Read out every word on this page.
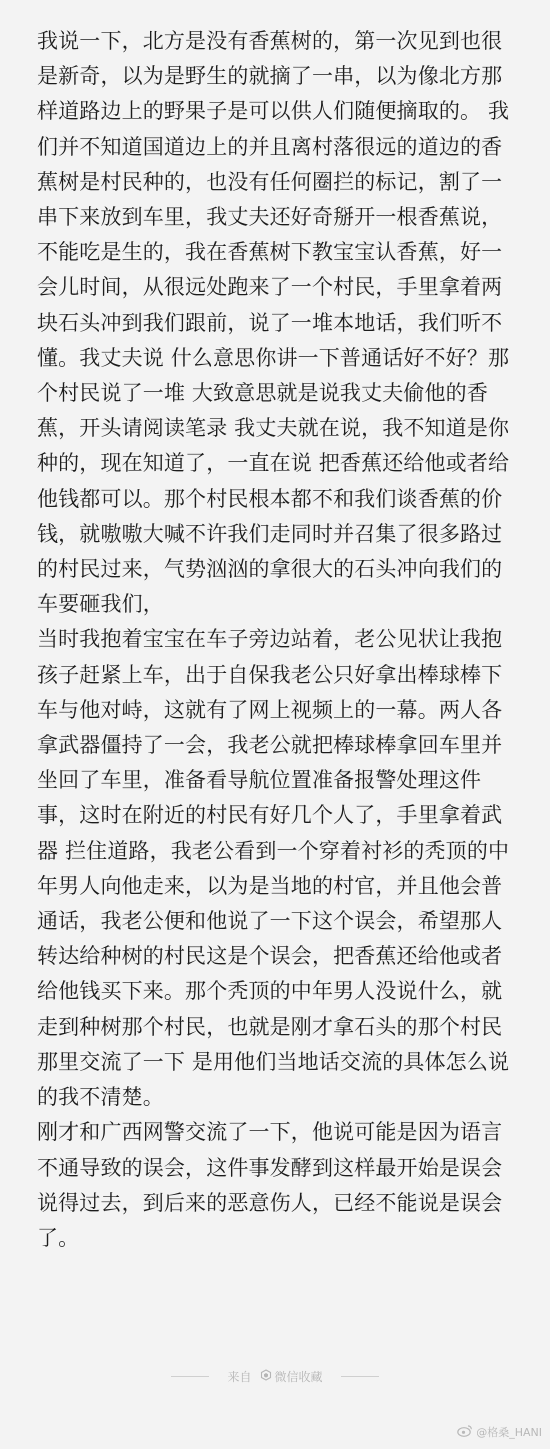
我说一下，北方是没有香蕉树的，第一次见到也很是新奇，以为是野生的就摘了一串，以为像北方那样道路边上的野果子是可以供人们随便摘取的。 我们并不知道国道边上的并且离村落很远的道边的香蕉树是村民种的，也没有任何圈拦的标记，割了一串下来放到车里，我丈夫还好奇掰开一根香蕉说，不能吃是生的，我在香蕉树下教宝宝认香蕉，好一会儿时间，从很远处跑来了一个村民，手里拿着两块石头冲到我们跟前，说了一堆本地话，我们听不懂。我丈夫说 什么意思你讲一下普通话好不好？那个村民说了一堆 大致意思就是说我丈夫偷他的香蕉，开头请阅读笔录 我丈夫就在说，我不知道是你种的，现在知道了，一直在说 把香蕉还给他或者给他钱都可以。那个村民根本都不和我们谈香蕉的价钱，就嗷嗷大喊不许我们走同时并召集了很多路过的村民过来，气势汹汹的拿很大的石头冲向我们的车要砸我们，

当时我抱着宝宝在车子旁边站着，老公见状让我抱孩子赶紧上车，出于自保我老公只好拿出棒球棒下车与他对峙，这就有了网上视频上的一幕。两人各拿武器僵持了一会，我老公就把棒球棒拿回车里并坐回了车里，准备看导航位置准备报警处理这件事，这时在附近的村民有好几个人了，手里拿着武器 拦住道路，我老公看到一个穿着衬衫的秃顶的中年男人向他走来，以为是当地的村官，并且他会普通话，我老公便和他说了一下这个误会，希望那人转达给种树的村民这是个误会，把香蕉还给他或者给他钱买下来。那个秃顶的中年男人没说什么，就走到种树那个村民，也就是刚才拿石头的那个村民那里交流了一下 是用他们当地话交流的具体怎么说的我不清楚。

刚才和广西网警交流了一下，他说可能是因为语言不通导致的误会，这件事发酵到这样最开始是误会说得过去，到后来的恶意伤人，已经不能说是误会了。

来自 微信收藏
@格桑_HANI
